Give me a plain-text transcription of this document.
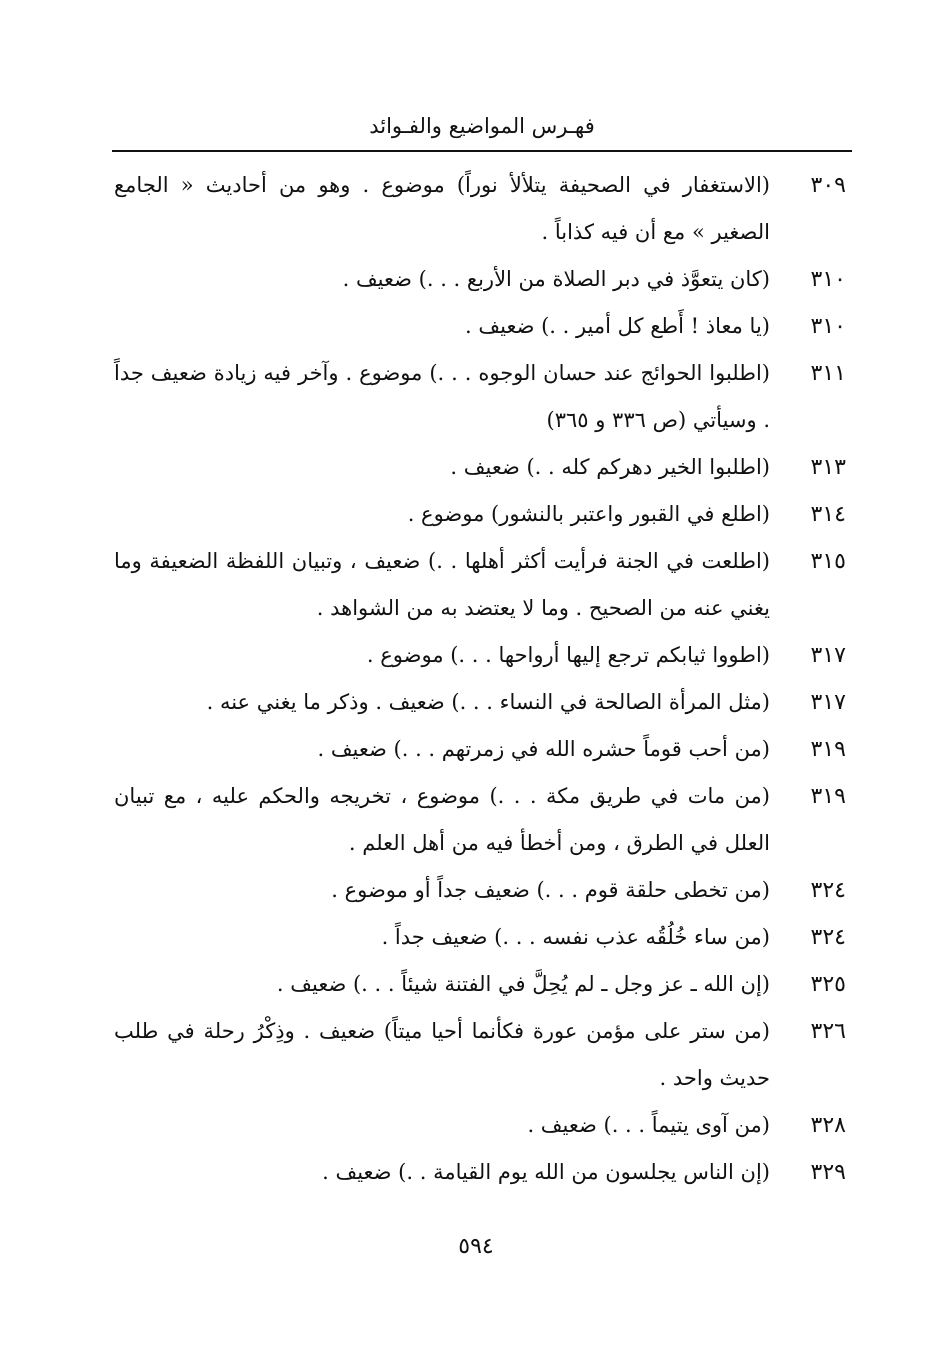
فهـرس المواضيع والفـوائد
٣٠٩
(الاستغفار في الصحيفة يتلألأ نوراً) موضوع . وهو من أحاديث « الجامع الصغير » مع أن فيه كذاباً .
٣١٠
(كان يتعوَّذ في دبر الصلاة من الأربع . . .) ضعيف .
٣١٠
(يا معاذ ! أَطع كل أمير . .) ضعيف .
٣١١
(اطلبوا الحوائج عند حسان الوجوه . . .) موضوع . وآخر فيه زيادة ضعيف جداً . وسيأتي (ص ٣٣٦ و ٣٦٥)
٣١٣
(اطلبوا الخير دهركم كله . .) ضعيف .
٣١٤
(اطلع في القبور واعتبر بالنشور) موضوع .
٣١٥
(اطلعت في الجنة فرأيت أكثر أهلها . .) ضعيف ، وتبيان اللفظة الضعيفة وما يغني عنه من الصحيح . وما لا يعتضد به من الشواهد .
٣١٧
(اطووا ثيابكم ترجع إليها أرواحها . . .) موضوع .
٣١٧
(مثل المرأة الصالحة في النساء . . .) ضعيف . وذكر ما يغني عنه .
٣١٩
(من أحب قوماً حشره الله في زمرتهم . . .) ضعيف .
٣١٩
(من مات في طريق مكة . . .) موضوع ، تخريجه والحكم عليه ، مع تبيان العلل في الطرق ، ومن أخطأ فيه من أهل العلم .
٣٢٤
(من تخطى حلقة قوم . . .) ضعيف جداً أو موضوع .
٣٢٤
(من ساء خُلُقُه عذب نفسه . . .) ضعيف جداً .
٣٢٥
(إن الله ـ عز وجل ـ لم يُحِلَّ في الفتنة شيئاً . . .) ضعيف .
٣٢٦
(من ستر على مؤمن عورة فكأنما أحيا ميتاً) ضعيف . وذِكْرُ رحلة في طلب حديث واحد .
٣٢٨
(من آوى يتيماً . . .) ضعيف .
٣٢٩
(إن الناس يجلسون من الله يوم القيامة . .) ضعيف .
٥٩٤
